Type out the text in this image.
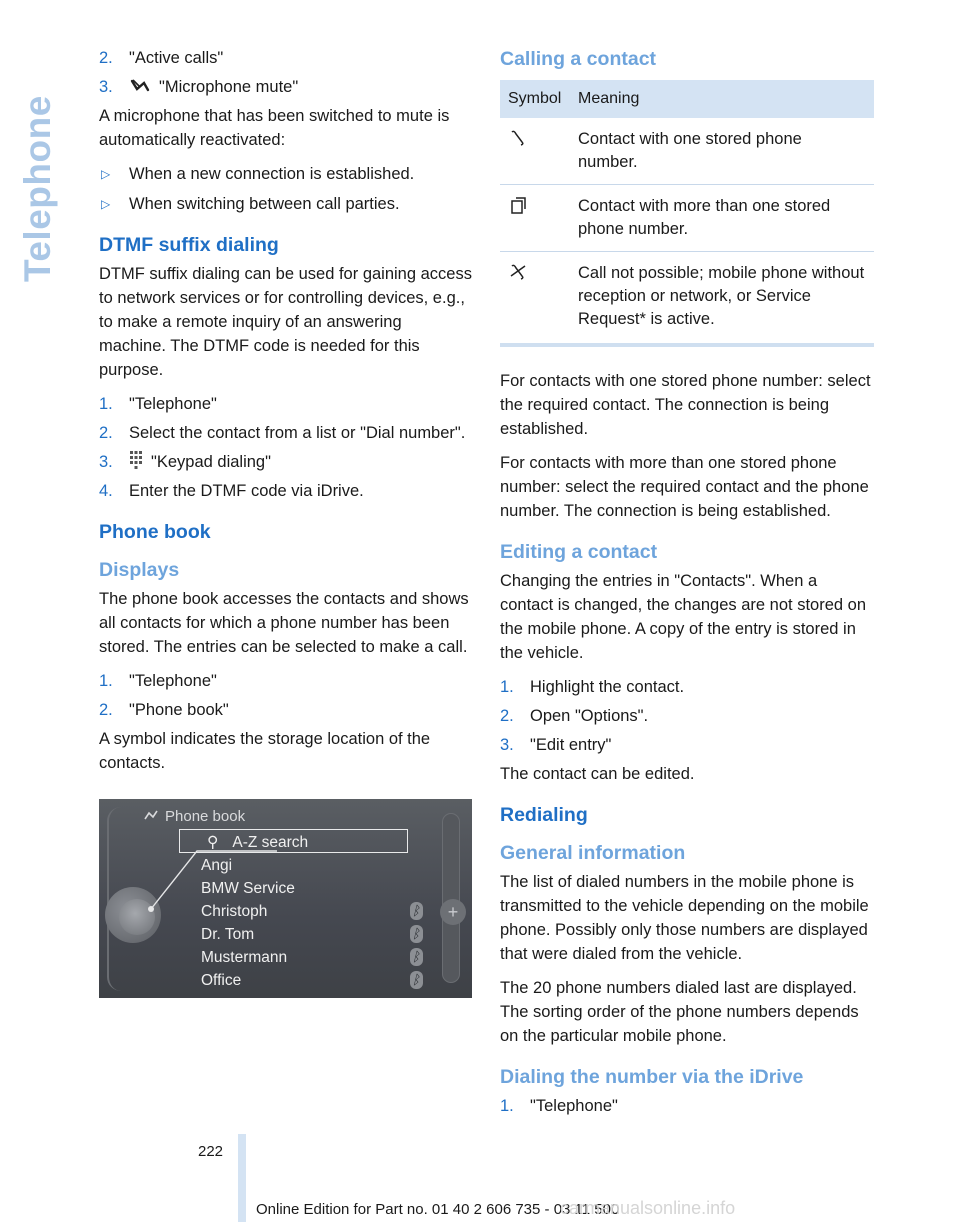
Telephone
2. "Active calls"
3.	"Microphone mute"

A microphone that has been switched to mute is automatically reactivated:

▷	When a new connection is established.
▷	When switching between call parties.
DTMF suffix dialing

DTMF suffix dialing can be used for gaining access to network services or for controlling devices, e.g., to make a remote inquiry of an answering machine. The DTMF code is needed for this purpose.

1. "Telephone"
2. Select the contact from a list or "Dial number".
3.	"Keypad dialing"
4. Enter the DTMF code via iDrive.
Phone book
Displays

The phone book accesses the contacts and shows all contacts for which a phone number has been stored. The entries can be selected to make a call.

1. "Telephone"
2. "Phone book"

A symbol indicates the storage location of the contacts.

Phone book
⚲ A-Z search
Angi
BMW Service
Christoph
ᛒ
Dr. Tom
ᛒ
Mustermann
ᛒ
Office
ᛒ
+
Calling a contact
Symbol	Meaning
	Contact with one stored phone number.
	Contact with more than one stored phone number.
	Call not possible; mobile phone without reception or network, or Service Request* is active.

For contacts with one stored phone number: select the required contact. The connection is being established.

For contacts with more than one stored phone number: select the required contact and the phone number. The connection is being established.

Editing a contact

Changing the entries in "Contacts". When a contact is changed, the changes are not stored on the mobile phone. A copy of the entry is stored in the vehicle.

1. Highlight the contact.
2. Open "Options".
3. "Edit entry"

The contact can be edited.

Redialing
General information

The list of dialed numbers in the mobile phone is transmitted to the vehicle depending on the mobile phone. Possibly only those numbers are displayed that were dialed from the vehicle.

The 20 phone numbers dialed last are displayed. The sorting order of the phone numbers depends on the particular mobile phone.

Dialing the number via the iDrive
1. "Telephone"
222
Online Edition for Part no. 01 40 2 606 735 - 03 11 500
carmanualsonline.info
